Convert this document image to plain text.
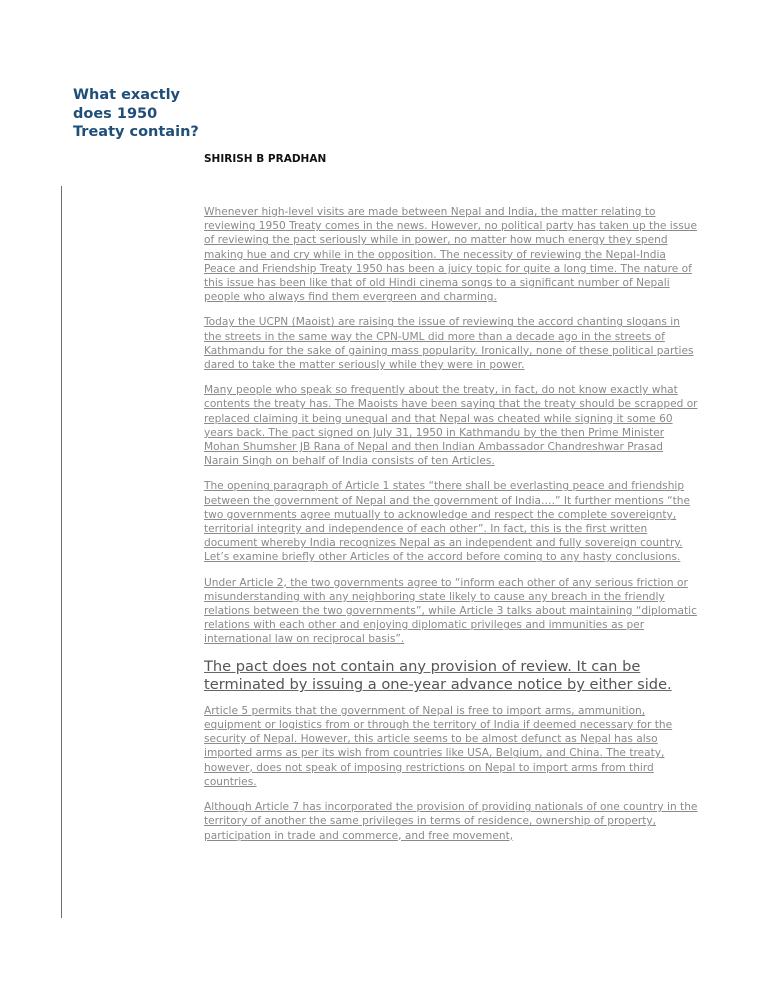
What exactly does 1950 Treaty contain?
SHIRISH B PRADHAN

Whenever high-level visits are made between Nepal and India, the matter relating to reviewing 1950 Treaty comes in the news. However, no political party has taken up the issue of reviewing the pact seriously while in power, no matter how much energy they spend making hue and cry while in the opposition. The necessity of reviewing the Nepal-India Peace and Friendship Treaty 1950 has been a juicy topic for quite a long time. The nature of this issue has been like that of old Hindi cinema songs to a significant number of Nepali people who always find them evergreen and charming.

Today the UCPN (Maoist) are raising the issue of reviewing the accord chanting slogans in the streets in the same way the CPN-UML did more than a decade ago in the streets of Kathmandu for the sake of gaining mass popularity. Ironically, none of these political parties dared to take the matter seriously while they were in power.

Many people who speak so frequently about the treaty, in fact, do not know exactly what contents the treaty has. The Maoists have been saying that the treaty should be scrapped or replaced claiming it being unequal and that Nepal was cheated while signing it some 60 years back. The pact signed on July 31, 1950 in Kathmandu by the then Prime Minister Mohan Shumsher JB Rana of Nepal and then Indian Ambassador Chandreshwar Prasad Narain Singh on behalf of India consists of ten Articles.

The opening paragraph of Article 1 states “there shall be everlasting peace and friendship between the government of Nepal and the government of India….” It further mentions “the two governments agree mutually to acknowledge and respect the complete sovereignty, territorial integrity and independence of each other”. In fact, this is the first written document whereby India recognizes Nepal as an independent and fully sovereign country. Let’s examine briefly other Articles of the accord before coming to any hasty conclusions.

Under Article 2, the two governments agree to “inform each other of any serious friction or misunderstanding with any neighboring state likely to cause any breach in the friendly relations between the two governments”, while Article 3 talks about maintaining “diplomatic relations with each other and enjoying diplomatic privileges and immunities as per international law on reciprocal basis”.

The pact does not contain any provision of review. It can be terminated by issuing a one-year advance notice by either side.

Article 5 permits that the government of Nepal is free to import arms, ammunition, equipment or logistics from or through the territory of India if deemed necessary for the security of Nepal. However, this article seems to be almost defunct as Nepal has also imported arms as per its wish from countries like USA, Belgium, and China. The treaty, however, does not speak of imposing restrictions on Nepal to import arms from third countries.

Although Article 7 has incorporated the provision of providing nationals of one country in the territory of another the same privileges in terms of residence, ownership of property, participation in trade and commerce, and free movement,
